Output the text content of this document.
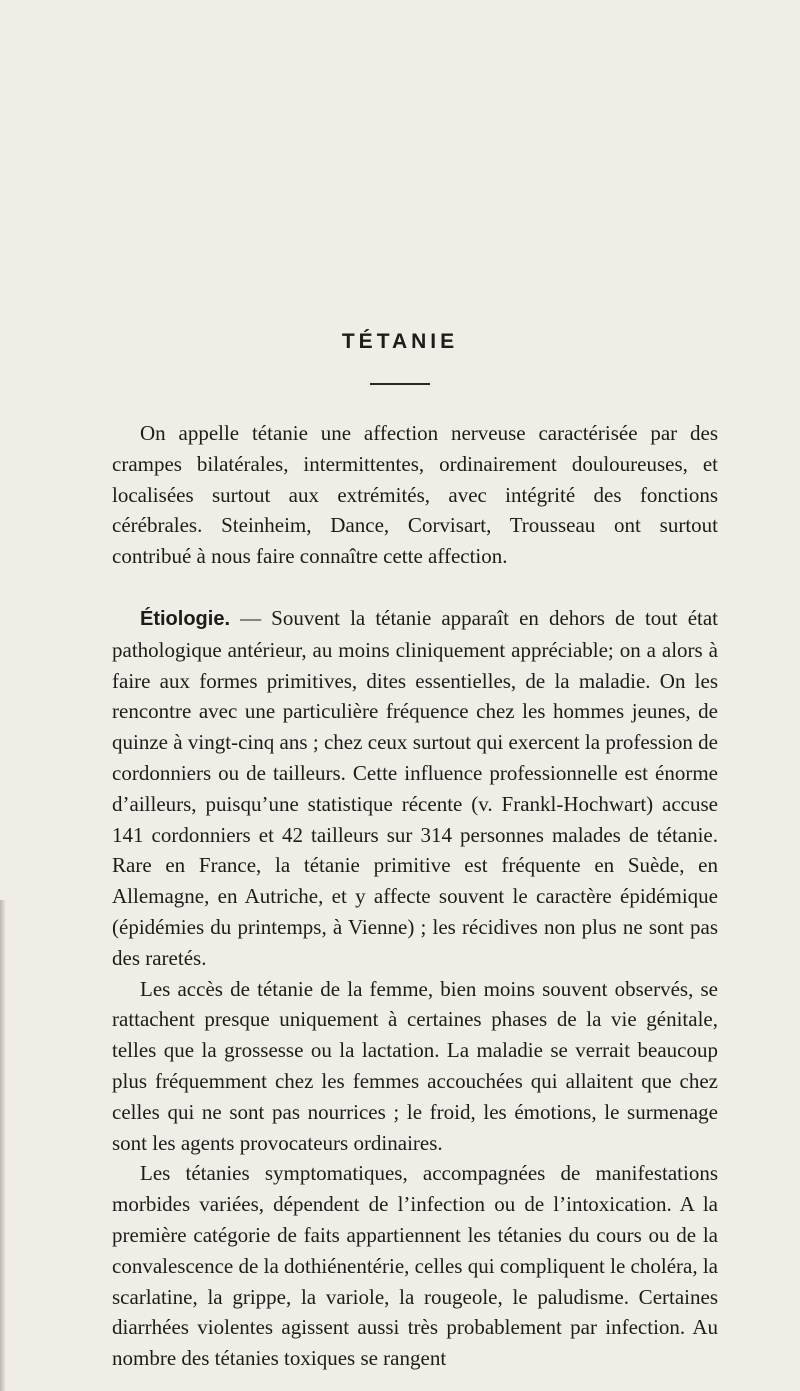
TÉTANIE

On appelle tétanie une affection nerveuse caractérisée par des crampes bilatérales, intermittentes, ordinairement douloureuses, et localisées surtout aux extrémités, avec intégrité des fonctions cérébrales. Steinheim, Dance, Corvisart, Trousseau ont surtout contribué à nous faire connaître cette affection.

Étiologie. — Souvent la tétanie apparaît en dehors de tout état pathologique antérieur, au moins cliniquement appréciable; on a alors à faire aux formes primitives, dites essentielles, de la maladie. On les rencontre avec une particulière fréquence chez les hommes jeunes, de quinze à vingt-cinq ans ; chez ceux surtout qui exercent la profession de cordonniers ou de tailleurs. Cette influence professionnelle est énorme d’ailleurs, puisqu’une statistique récente (v. Frankl-Hochwart) accuse 141 cordonniers et 42 tailleurs sur 314 personnes malades de tétanie. Rare en France, la tétanie primitive est fréquente en Suède, en Allemagne, en Autriche, et y affecte souvent le caractère épidémique (épidémies du printemps, à Vienne) ; les récidives non plus ne sont pas des raretés.

Les accès de tétanie de la femme, bien moins souvent observés, se rattachent presque uniquement à certaines phases de la vie génitale, telles que la grossesse ou la lactation. La maladie se verrait beaucoup plus fréquemment chez les femmes accouchées qui allaitent que chez celles qui ne sont pas nourrices ; le froid, les émotions, le surmenage sont les agents provocateurs ordinaires.

Les tétanies symptomatiques, accompagnées de manifestations morbides variées, dépendent de l’infection ou de l’intoxication. A la première catégorie de faits appartiennent les tétanies du cours ou de la convalescence de la dothiénentérie, celles qui compliquent le choléra, la scarlatine, la grippe, la variole, la rougeole, le paludisme. Certaines diarrhées violentes agissent aussi très probablement par infection. Au nombre des tétanies toxiques se rangent
